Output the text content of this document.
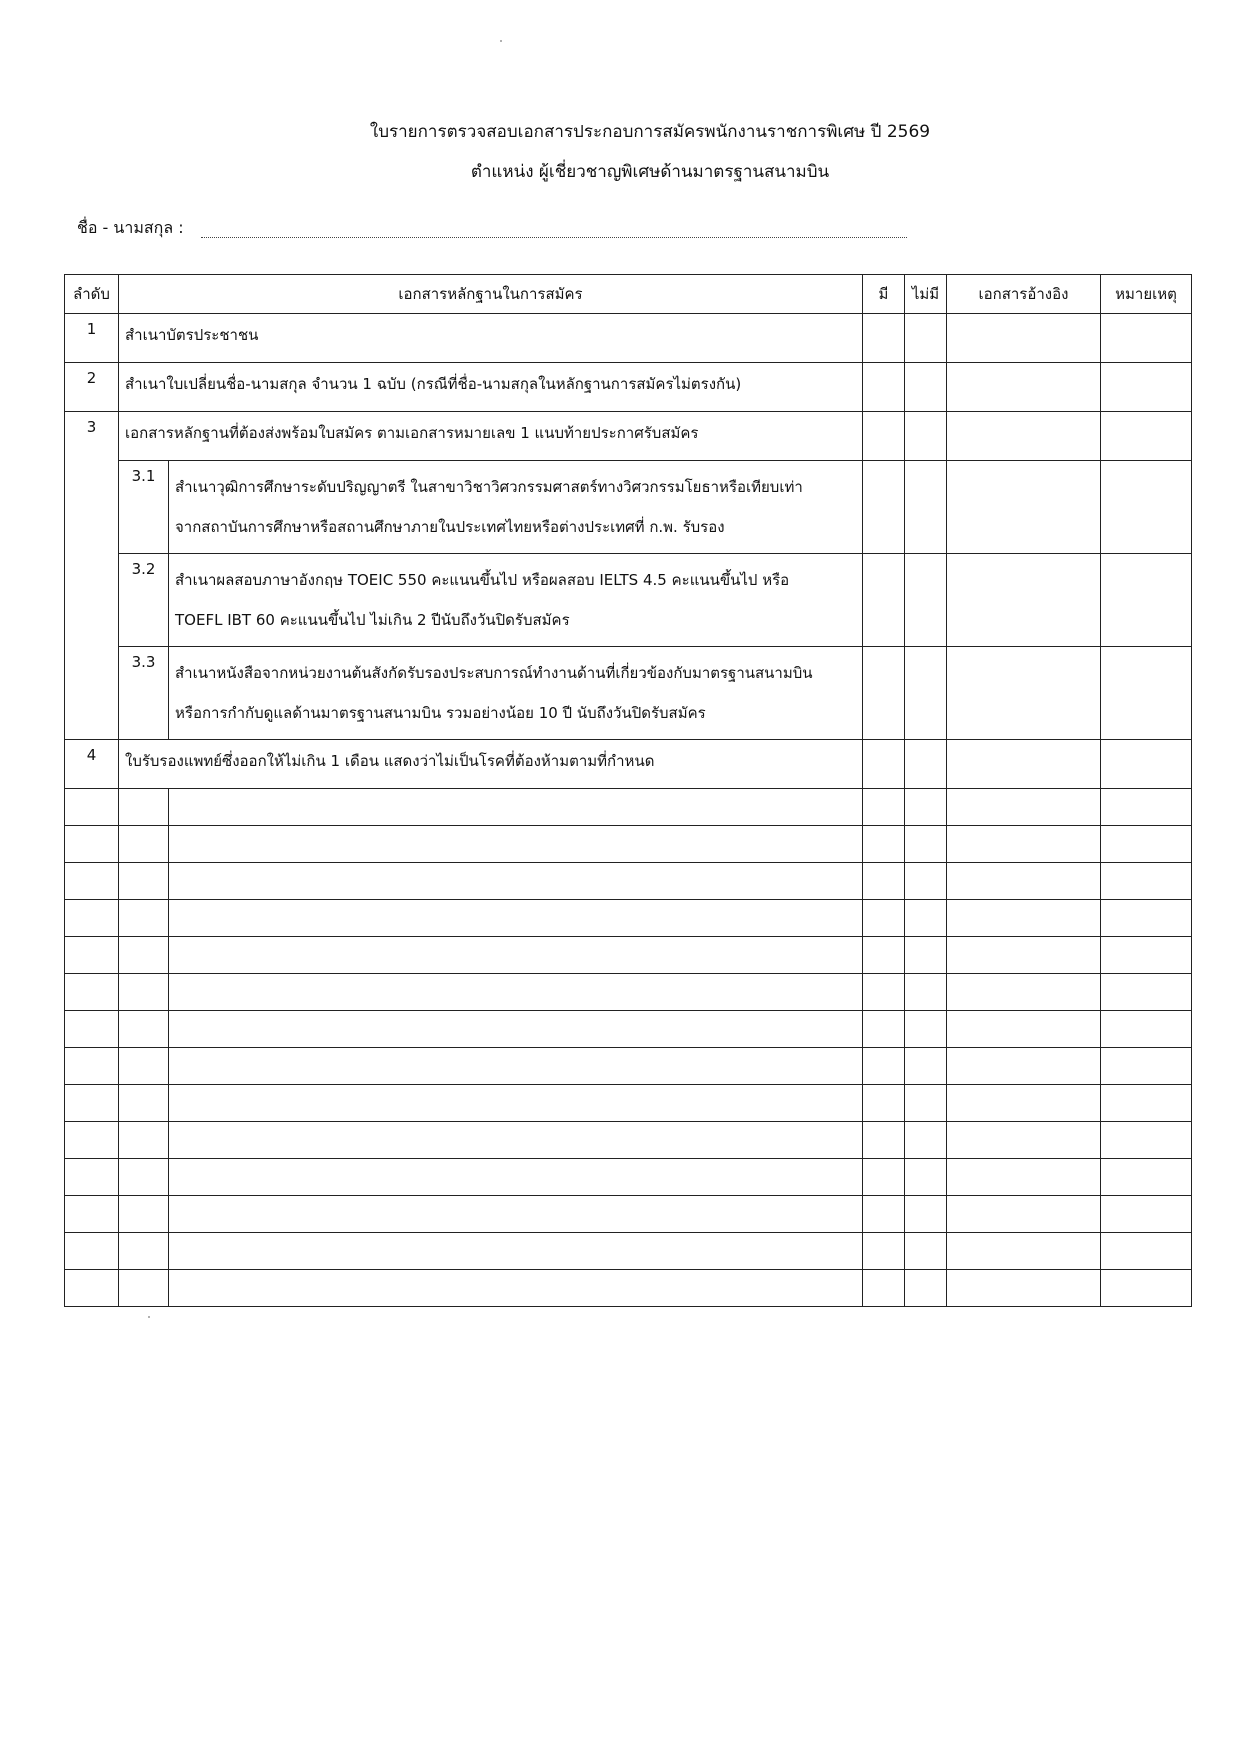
ใบรายการตรวจสอบเอกสารประกอบการสมัครพนักงานราชการพิเศษ ปี 2569
ตำแหน่ง ผู้เชี่ยวชาญพิเศษด้านมาตรฐานสนามบิน
ชื่อ - นามสกุล :
ลำดับ	เอกสารหลักฐานในการสมัคร		มี	ไม่มี	เอกสารอ้างอิง	หมายเหตุ
1	สำเนาบัตรประชาชน					
2	สำเนาใบเปลี่ยนชื่อ-นามสกุล จำนวน 1 ฉบับ (กรณีที่ชื่อ-นามสกุลในหลักฐานการสมัครไม่ตรงกัน)					
3	เอกสารหลักฐานที่ต้องส่งพร้อมใบสมัคร ตามเอกสารหมายเลข 1 แนบท้ายประกาศรับสมัคร					
	3.1	สำเนาวุฒิการศึกษาระดับปริญญาตรี ในสาขาวิชาวิศวกรรมศาสตร์ทางวิศวกรรมโยธาหรือเทียบเท่า
จากสถาบันการศึกษาหรือสถานศึกษาภายในประเทศไทยหรือต่างประเทศที่ ก.พ. รับรอง				

	3.2	สำเนาผลสอบภาษาอังกฤษ TOEIC 550 คะแนนขึ้นไป หรือผลสอบ IELTS 4.5 คะแนนขึ้นไป หรือ
TOEFL IBT 60 คะแนนขึ้นไป ไม่เกิน 2 ปีนับถึงวันปิดรับสมัคร				

	3.3	สำเนาหนังสือจากหน่วยงานต้นสังกัดรับรองประสบการณ์ทำงานด้านที่เกี่ยวข้องกับมาตรฐานสนามบิน
หรือการกำกับดูแลด้านมาตรฐานสนามบิน รวมอย่างน้อย 10 ปี นับถึงวันปิดรับสมัคร				

4	ใบรับรองแพทย์ซึ่งออกให้ไม่เกิน 1 เดือน แสดงว่าไม่เป็นโรคที่ต้องห้ามตามที่กำหนด					
